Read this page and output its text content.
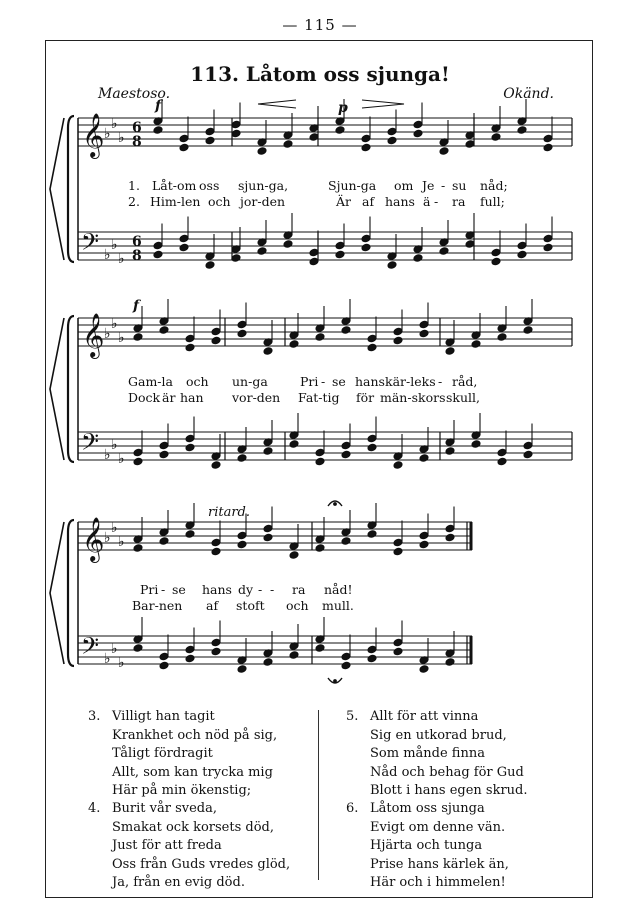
— 115 —
113. Låtom oss sjunga!
Maestoso.	Okänd.
f	p
f
ritard.
𝄞 ♭
♭
♭
6
8
𝄢 ♭
♭
♭
6
8
𝄞 ♭
♭
♭
𝄢 ♭
♭
♭
𝄞 ♭
♭
♭
𝄢 ♭
♭
♭
1. Låt-om oss sjun-ga,	Sjun-ga om Je - su nåd;
2. Him-len och jor-den	Är af hans ä - ra full;
Gam-la och un-ga	Pri - se hans kär-leks - råd,
Dock är han vor-den Fat-tig för män-skors skull,
Pri - se hans dy - - ra nåd!
Bar-nen af stoft och mull.
3. Villigt han tagit
Krankhet och nöd på sig,
Tåligt fördragit
Allt, som kan trycka mig
Här på min ökenstig;
4. Burit vår sveda,
Smakat ock korsets död,
Just för att freda
Oss från Guds vredes glöd,
Ja, från en evig död.
5. Allt för att vinna
Sig en utkorad brud,
Som månde finna
Nåd och behag för Gud
Blott i hans egen skrud.
6. Låtom oss sjunga
Evigt om denne vän.
Hjärta och tunga
Prise hans kärlek än,
Här och i himmelen!
